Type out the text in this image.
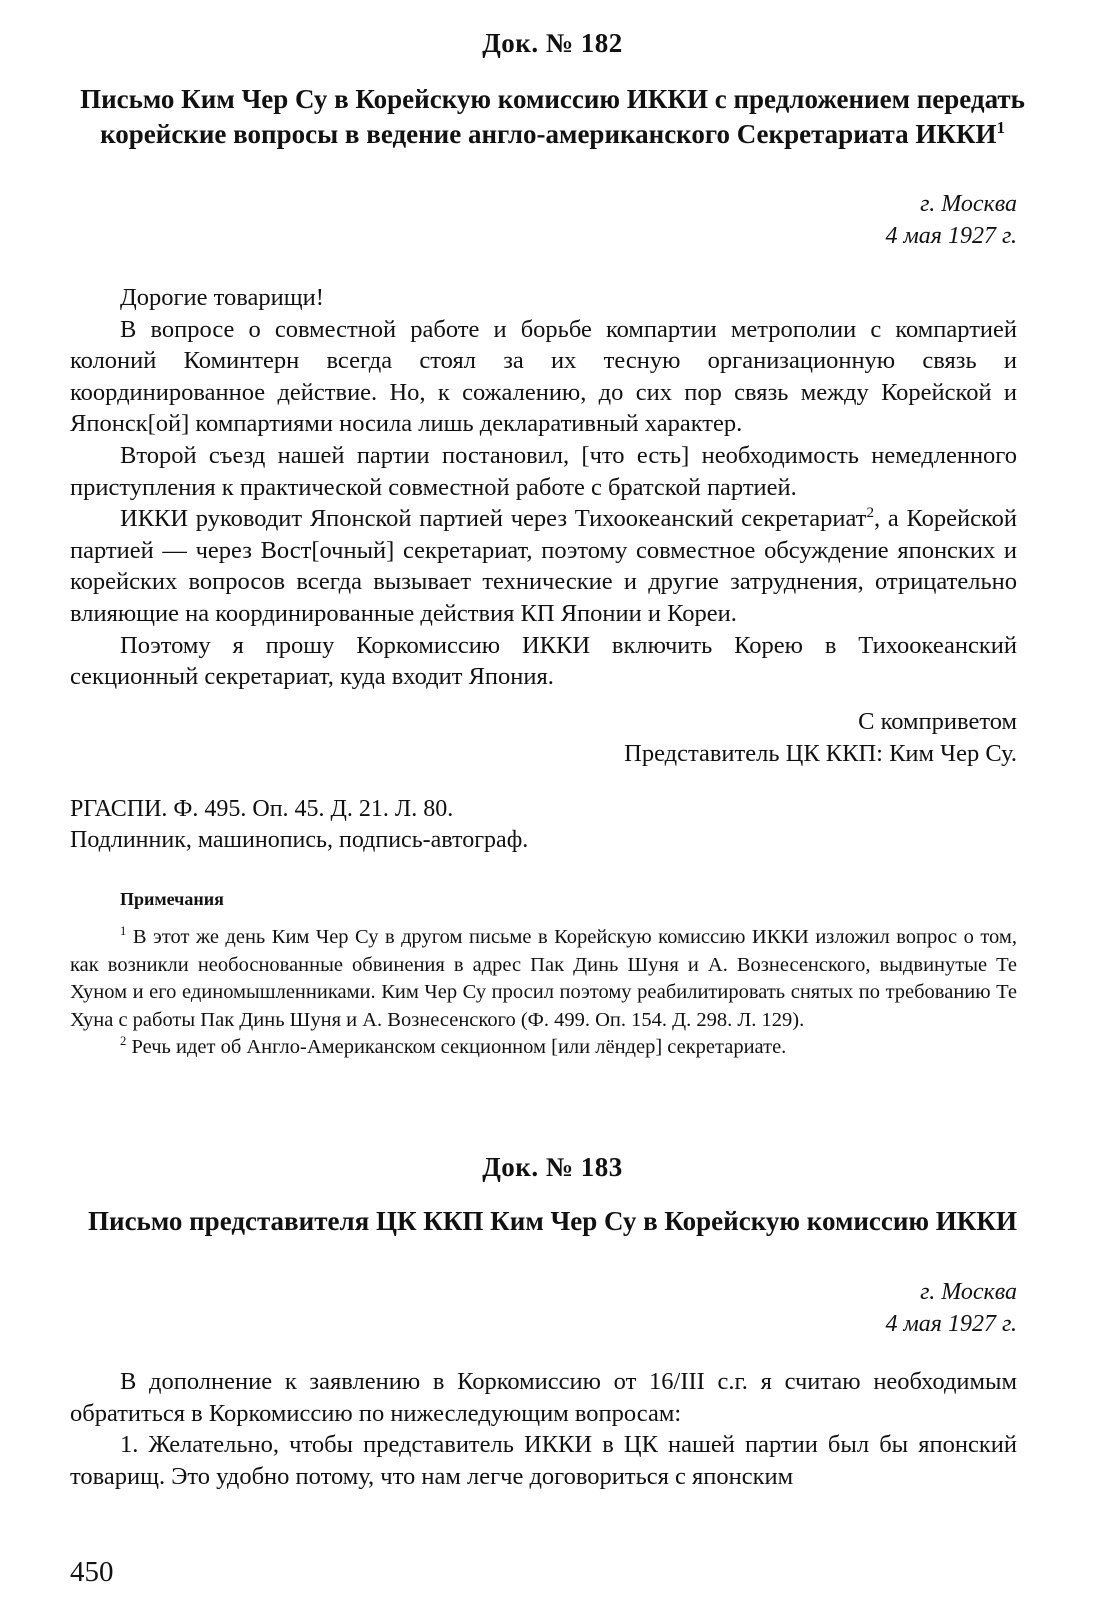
Док. № 182
Письмо Ким Чер Су в Корейскую комиссию ИККИ с предложением передать корейские вопросы в ведение англо-американского Секретариата ИККИ$^1$
г. Москва
4 мая 1927 г.

Дорогие товарищи!

В вопросе о совместной работе и борьбе компартии метрополии с компартией колоний Коминтерн всегда стоял за их тесную организационную связь и координированное действие. Но, к сожалению, до сих пор связь между Корейской и Японск[ой] компартиями носила лишь декларативный характер.

Второй съезд нашей партии постановил, [что есть] необходимость немедленного приступления к практической совместной работе с братской партией.

ИККИ руководит Японской партией через Тихоокеанский секретариат$^2$, а Корейской партией — через Вост[очный] секретариат, поэтому совместное обсуждение японских и корейских вопросов всегда вызывает технические и другие затруднения, отрицательно влияющие на координированные действия КП Японии и Кореи.

Поэтому я прошу Коркомиссию ИККИ включить Корею в Тихоокеанский секционный секретариат, куда входит Япония.

С комприветом
Представитель ЦК ККП: Ким Чер Су.
РГАСПИ. Ф. 495. Оп. 45. Д. 21. Л. 80.
Подлинник, машинопись, подпись-автограф.
Примечания

$^1$ В этот же день Ким Чер Су в другом письме в Корейскую комиссию ИККИ изложил вопрос о том, как возникли необоснованные обвинения в адрес Пак Динь Шуня и А. Вознесенского, выдвинутые Те Хуном и его единомышленниками. Ким Чер Су просил поэтому реабилитировать снятых по требованию Те Хуна с работы Пак Динь Шуня и А. Вознесенского (Ф. 499. Оп. 154. Д. 298. Л. 129).

$^2$ Речь идет об Англо-Американском секционном [или лёндер] секретариате.

Док. № 183
Письмо представителя ЦК ККП Ким Чер Су в Корейскую комиссию ИККИ
г. Москва
4 мая 1927 г.

В дополнение к заявлению в Коркомиссию от 16/III с.г. я считаю необходимым обратиться в Коркомиссию по нижеследующим вопросам:

1. Желательно, чтобы представитель ИККИ в ЦК нашей партии был бы японский товарищ. Это удобно потому, что нам легче договориться с японским

450
